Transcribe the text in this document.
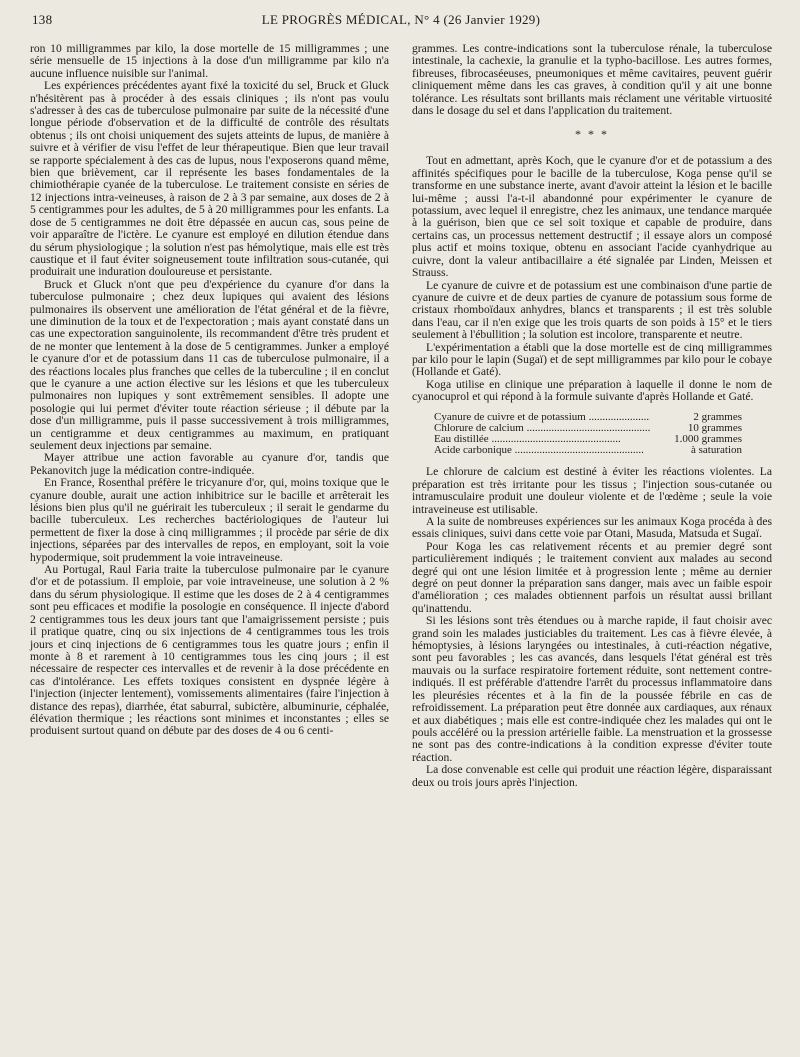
138	LE PROGRÈS MÉDICAL, N° 4 (26 Janvier 1929)

ron 10 milligrammes par kilo, la dose mortelle de 15 milligrammes ; une série mensuelle de 15 injections à la dose d'un milligramme par kilo n'a aucune influence nuisible sur l'animal.

Les expériences précédentes ayant fixé la toxicité du sel, Bruck et Gluck n'hésitèrent pas à procéder à des essais cliniques ; ils n'ont pas voulu s'adresser à des cas de tuberculose pulmonaire par suite de la nécessité d'une longue période d'observation et de la difficulté de contrôle des résultats obtenus ; ils ont choisi uniquement des sujets atteints de lupus, de manière à suivre et à vérifier de visu l'effet de leur thérapeutique. Bien que leur travail se rapporte spécialement à des cas de lupus, nous l'exposerons quand même, bien que brièvement, car il représente les bases fondamentales de la chimiothérapie cyanée de la tuberculose. Le traitement consiste en séries de 12 injections intra-veineuses, à raison de 2 à 3 par semaine, aux doses de 2 à 5 centigrammes pour les adultes, de 5 à 20 milligrammes pour les enfants. La dose de 5 centigrammes ne doit être dépassée en aucun cas, sous peine de voir apparaître de l'ictère. Le cyanure est employé en dilution étendue dans du sérum physiologique ; la solution n'est pas hémolytique, mais elle est très caustique et il faut éviter soigneusement toute infiltration sous-cutanée, qui produirait une induration douloureuse et persistante.

Bruck et Gluck n'ont que peu d'expérience du cyanure d'or dans la tuberculose pulmonaire ; chez deux lupiques qui avaient des lésions pulmonaires ils observent une amélioration de l'état général et de la fièvre, une diminution de la toux et de l'expectoration ; mais ayant constaté dans un cas une expectoration sanguinolente, ils recommandent d'être très prudent et de ne monter que lentement à la dose de 5 centigrammes. Junker a employé le cyanure d'or et de potassium dans 11 cas de tuberculose pulmonaire, il a des réactions locales plus franches que celles de la tuberculine ; il en conclut que le cyanure a une action élective sur les lésions et que les tuberculeux pulmonaires non lupiques y sont extrêmement sensibles. Il adopte une posologie qui lui permet d'éviter toute réaction sérieuse ; il débute par la dose d'un milligramme, puis il passe successivement à trois milligrammes, un centigramme et deux centigrammes au maximum, en pratiquant seulement deux injections par semaine.

Mayer attribue une action favorable au cyanure d'or, tandis que Pekanovitch juge la médication contre-indiquée.

En France, Rosenthal préfère le tricyanure d'or, qui, moins toxique que le cyanure double, aurait une action inhibitrice sur le bacille et arrêterait les lésions bien plus qu'il ne guérirait les tuberculeux ; il serait le gendarme du bacille tuberculeux. Les recherches bactériologiques de l'auteur lui permettent de fixer la dose à cinq milligrammes ; il procède par série de dix injections, séparées par des intervalles de repos, en employant, soit la voie hypodermique, soit prudemment la voie intraveineuse.

Au Portugal, Raul Faria traite la tuberculose pulmonaire par le cyanure d'or et de potassium. Il emploie, par voie intraveineuse, une solution à 2 % dans du sérum physiologique. Il estime que les doses de 2 à 4 centigrammes sont peu efficaces et modifie la posologie en conséquence. Il injecte d'abord 2 centigrammes tous les deux jours tant que l'amaigrissement persiste ; puis il pratique quatre, cinq ou six injections de 4 centigrammes tous les trois jours et cinq injections de 6 centigrammes tous les quatre jours ; enfin il monte à 8 et rarement à 10 centigrammes tous les cinq jours ; il est nécessaire de respecter ces intervalles et de revenir à la dose précédente en cas d'intolérance. Les effets toxiques consistent en dyspnée légère à l'injection (injecter lentement), vomissements alimentaires (faire l'injection à distance des repas), diarrhée, état saburral, subictère, albuminurie, céphalée, élévation thermique ; les réactions sont minimes et inconstantes ; elles se produisent surtout quand on débute par des doses de 4 ou 6 centi-

grammes. Les contre-indications sont la tuberculose rénale, la tuberculose intestinale, la cachexie, la granulie et la typho-bacillose. Les autres formes, fibreuses, fibrocaséeuses, pneumoniques et même cavitaires, peuvent guérir cliniquement même dans les cas graves, à condition qu'il y ait une bonne tolérance. Les résultats sont brillants mais réclament une véritable virtuosité dans le dosage du sel et dans l'application du traitement.

* * *

Tout en admettant, après Koch, que le cyanure d'or et de potassium a des affinités spécifiques pour le bacille de la tuberculose, Koga pense qu'il se transforme en une substance inerte, avant d'avoir atteint la lésion et le bacille lui-même ; aussi l'a-t-il abandonné pour expérimenter le cyanure de potassium, avec lequel il enregistre, chez les animaux, une tendance marquée à la guérison, bien que ce sel soit toxique et capable de produire, dans certains cas, un processus nettement destructif ; il essaye alors un composé plus actif et moins toxique, obtenu en associant l'acide cyanhydrique au cuivre, dont la valeur antibacillaire a été signalée par Linden, Meissen et Strauss.

Le cyanure de cuivre et de potassium est une combinaison d'une partie de cyanure de cuivre et de deux parties de cyanure de potassium sous forme de cristaux rhomboïdaux anhydres, blancs et transparents ; il est très soluble dans l'eau, car il n'en exige que les trois quarts de son poids à 15° et le tiers seulement à l'ébullition ; la solution est incolore, transparente et neutre.

L'expérimentation a établi que la dose mortelle est de cinq milligrammes par kilo pour le lapin (Sugaï) et de sept milligrammes par kilo pour le cobaye (Hollande et Gaté).

Koga utilise en clinique une préparation à laquelle il donne le nom de cyanocuprol et qui répond à la formule suivante d'après Hollande et Gaté.

Cyanure de cuivre et de potassium .....	2 grammes
Chlorure de calcium .....	10 grammes
Eau distillée .....	1.000 grammes
Acide carbonique .....	à saturation

Le chlorure de calcium est destiné à éviter les réactions violentes. La préparation est très irritante pour les tissus ; l'injection sous-cutanée ou intramusculaire produit une douleur violente et de l'œdème ; seule la voie intraveineuse est utilisable.

A la suite de nombreuses expériences sur les animaux Koga procéda à des essais cliniques, suivi dans cette voie par Otani, Masuda, Matsuda et Sugaï.

Pour Koga les cas relativement récents et au premier degré sont particulièrement indiqués ; le traitement convient aux malades au second degré qui ont une lésion limitée et à progression lente ; même au dernier degré on peut donner la préparation sans danger, mais avec un faible espoir d'amélioration ; ces malades obtiennent parfois un résultat aussi brillant qu'inattendu.

Si les lésions sont très étendues ou à marche rapide, il faut choisir avec grand soin les malades justiciables du traitement. Les cas à fièvre élevée, à hémoptysies, à lésions laryngées ou intestinales, à cuti-réaction négative, sont peu favorables ; les cas avancés, dans lesquels l'état général est très mauvais ou la surface respiratoire fortement réduite, sont nettement contre-indiqués. Il est préférable d'attendre l'arrêt du processus inflammatoire dans les pleurésies récentes et à la fin de la poussée fébrile en cas de refroidissement. La préparation peut être donnée aux cardiaques, aux rénaux et aux diabétiques ; mais elle est contre-indiquée chez les malades qui ont le pouls accéléré ou la pression artérielle faible. La menstruation et la grossesse ne sont pas des contre-indications à la condition expresse d'éviter toute réaction.

La dose convenable est celle qui produit une réaction légère, disparaissant deux ou trois jours après l'injection.
